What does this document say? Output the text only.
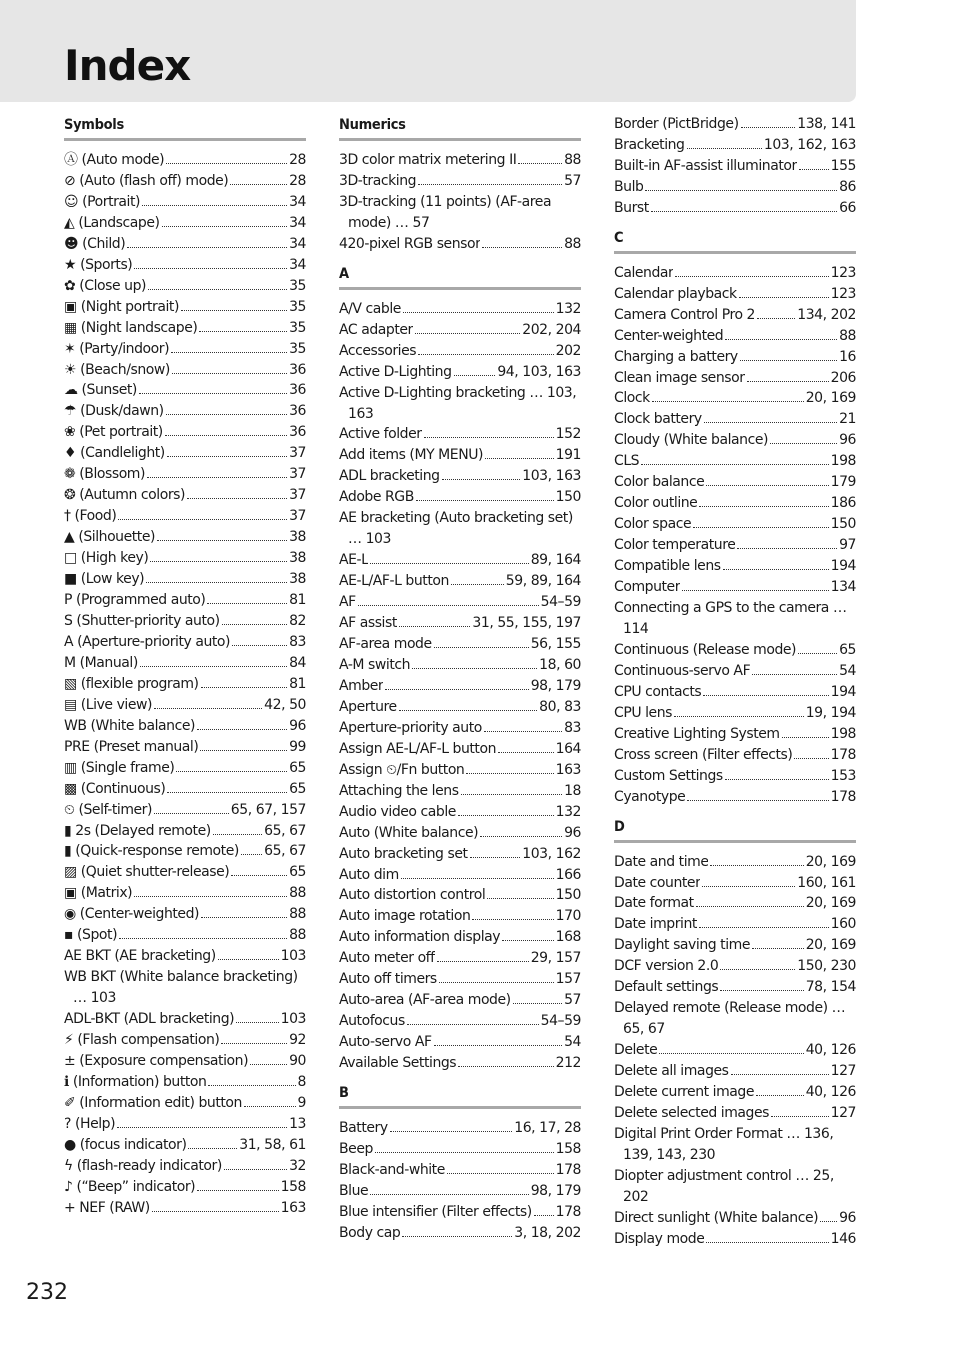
Index
Symbols
Ⓐ (Auto mode)	28
⊘ (Auto (flash off) mode)	28
☺ (Portrait)	34
◭ (Landscape)	34
☻ (Child)	34
★ (Sports)	34
✿ (Close up)	35
▣ (Night portrait)	35
▦ (Night landscape)	35
✶ (Party/indoor)	35
☀ (Beach/snow)	36
☁ (Sunset)	36
☂ (Dusk/dawn)	36
❀ (Pet portrait)	36
♦ (Candlelight)	37
❁ (Blossom)	37
❂ (Autumn colors)	37
† (Food)	37
▲ (Silhouette)	38
□ (High key)	38
■ (Low key)	38
P (Programmed auto)	81
S (Shutter-priority auto)	82
A (Aperture-priority auto)	83
M (Manual)	84
▧ (flexible program)	81
▤ (Live view)	42, 50
WB (White balance)	96
PRE (Preset manual)	99
▥ (Single frame)	65
▩ (Continuous)	65
⏲ (Self-timer)	65, 67, 157
▮ 2s (Delayed remote)	65, 67
▮ (Quick-response remote) 65, 67
▨ (Quiet shutter-release)	65
▣ (Matrix)	88
◉ (Center-weighted)	88
▪ (Spot)	88
AE BKT (AE bracketing)	103
WB BKT (White balance bracketing) … 103
ADL-BKT (ADL bracketing)	103
⚡ (Flash compensation)	92
± (Exposure compensation)	90
ℹ (Information) button	8
✐ (Information edit) button	9
? (Help)	13
● (focus indicator)	31, 58, 61
ϟ (flash-ready indicator)	32
♪ (“Beep” indicator)	158
+ NEF (RAW)	163
Numerics
3D color matrix metering II	88
3D-tracking	57
3D-tracking (11 points) (AF-area mode) … 57
420-pixel RGB sensor	88
A
A/V cable	132
AC adapter	202, 204
Accessories	202
Active D-Lighting	94, 103, 163
Active D-Lighting bracketing … 103, 163
Active folder	152
Add items (MY MENU)	191
ADL bracketing	103, 163
Adobe RGB	150
AE bracketing (Auto bracketing set) … 103
AE-L	89, 164
AE-L/AF-L button	59, 89, 164
AF	54–59
AF assist	31, 55, 155, 197
AF-area mode	56, 155
A-M switch	18, 60
Amber	98, 179
Aperture	80, 83
Aperture-priority auto	83
Assign AE-L/AF-L button	164
Assign ⏲/Fn button	163
Attaching the lens	18
Audio video cable	132
Auto (White balance)	96
Auto bracketing set	103, 162
Auto dim	166
Auto distortion control	150
Auto image rotation	170
Auto information display	168
Auto meter off	29, 157
Auto off timers	157
Auto-area (AF-area mode)	57
Autofocus	54–59
Auto-servo AF	54
Available Settings	212
B
Battery	16, 17, 28
Beep	158
Black-and-white	178
Blue	98, 179
Blue intensifier (Filter effects) 178
Body cap	3, 18, 202
Border (PictBridge)	138, 141
Bracketing	103, 162, 163
Built-in AF-assist illuminator 155
Bulb	86
Burst	66
C
Calendar	123
Calendar playback	123
Camera Control Pro 2	134, 202
Center-weighted	88
Charging a battery	16
Clean image sensor	206
Clock	20, 169
Clock battery	21
Cloudy (White balance)	96
CLS	198
Color balance	179
Color outline	186
Color space	150
Color temperature	97
Compatible lens	194
Computer	134
Connecting a GPS to the camera … 114
Continuous (Release mode)	65
Continuous-servo AF	54
CPU contacts	194
CPU lens	19, 194
Creative Lighting System	198
Cross screen (Filter effects)	178
Custom Settings	153
Cyanotype	178
D
Date and time	20, 169
Date counter	160, 161
Date format	20, 169
Date imprint	160
Daylight saving time	20, 169
DCF version 2.0	150, 230
Default settings	78, 154
Delayed remote (Release mode) … 65, 67
Delete	40, 126
Delete all images	127
Delete current image	40, 126
Delete selected images	127
Digital Print Order Format … 136, 139, 143, 230
Diopter adjustment control … 25, 202
Direct sunlight (White balance) 96
Display mode	146
232
